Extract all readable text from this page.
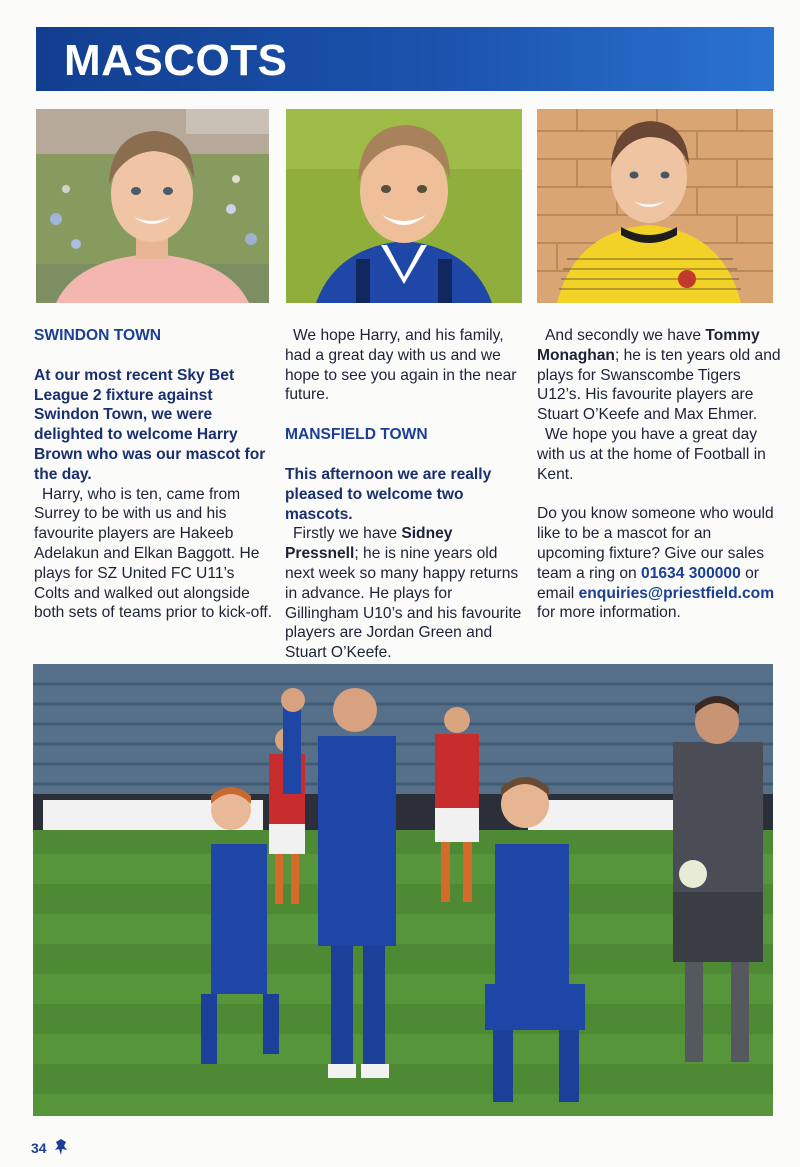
MASCOTS

SWINDON TOWN

At our most recent Sky Bet League 2 fixture against Swindon Town, we were delighted to welcome Harry Brown who was our mascot for the day.

Harry, who is ten, came from Surrey to be with us and his favourite players are Hakeeb Adelakun and Elkan Baggott. He plays for SZ United FC U11’s Colts and walked out alongside both sets of teams prior to kick-off.

We hope Harry, and his family, had a great day with us and we hope to see you again in the near future.

MANSFIELD TOWN

This afternoon we are really pleased to welcome two mascots.

Firstly we have Sidney Pressnell; he is nine years old next week so many happy returns in advance. He plays for Gillingham U10’s and his favourite players are Jordan Green and Stuart O’Keefe.

And secondly we have Tommy Monaghan; he is ten years old and plays for Swanscombe Tigers U12’s. His favourite players are Stuart O’Keefe and Max Ehmer.

We hope you have a great day with us at the home of Football in Kent.

Do you know someone who would like to be a mascot for an upcoming fixture? Give our sales team a ring on 01634 300000 or email enquiries@priestfield.com for more information.

34
